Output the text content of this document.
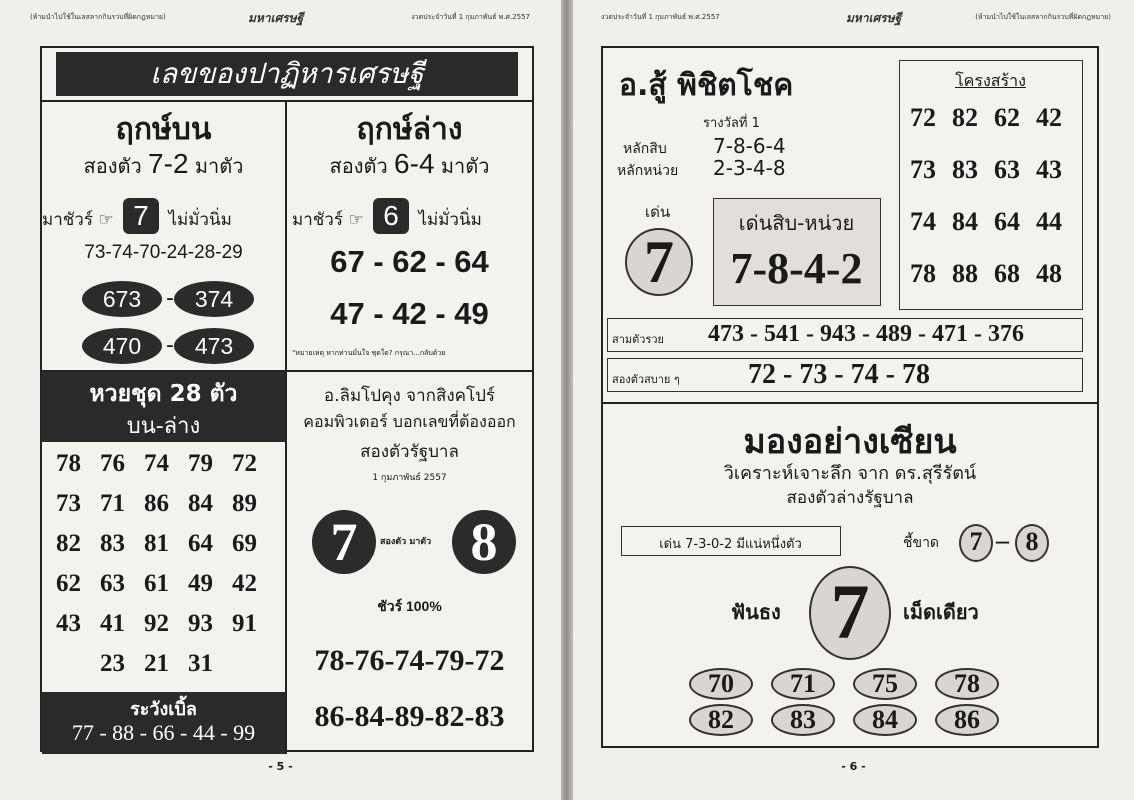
(ห้ามนำไปใช้ในเลสลากกินรวบที่ผิดกฎหมาย)	มหาเศรษฐี	งวดประจำวันที่ 1 กุมภาพันธ์ พ.ศ.2557
เลขของปาฏิหารเศรษฐี
ฤกษ์บน
สองตัว 7-2 มาตัว
มาชัวร์ ☞ 7 ไม่มั่วนิ่ม
73-74-70-24-28-29
673	- 374
470	- 473
ฤกษ์ล่าง
สองตัว 6-4 มาตัว
มาชัวร์ ☞ 6 ไม่มั่วนิ่ม
67 - 62 - 64
47 - 42 - 49
"หมายเหตุ หากท่านมั่นใจ ชุดใด? กรุณา...กลับด้วย
หวยชุด 28 ตัว
บน-ล่าง
78 76 74 79 72
73 71 86 84 89
82 83 81 64 69
62 63 61 49 42
43 41 92 93 91
23 21 31
ระวังเบิ้ล
77 - 88 - 66 - 44 - 99
อ.ลิมโปคุง จากสิงคโปร์
คอมพิวเตอร์ บอกเลขที่ต้องออก
สองตัวรัฐบาล
1 กุมภาพันธ์ 2557
7	สองตัว มาตัว 8
ชัวร์ 100%
78-76-74-79-72
86-84-89-82-83
- 5 -
งวดประจำวันที่ 1 กุมภาพันธ์ พ.ศ.2557	มหาเศรษฐี	(ห้ามนำไปใช้ในเลสลากกินรวบที่ผิดกฎหมาย)
อ.สู้ พิชิตโชค
รางวัลที่ 1
หลักสิบ 7-8-6-4
หลักหน่วย 2-3-4-8
เด่น
7
เด่นสิบ-หน่วย
7-8-4-2
โครงสร้าง
72 82 62 42
73 83 63 43
74 84 64 44
78 88 68 48
สามตัวรวย 473 - 541 - 943 - 489 - 471 - 376
สองตัวสบาย ๆ 72 - 73 - 74 - 78
มองอย่างเซียน
วิเคราะห์เจาะลึก จาก ดร.สุรีรัตน์
สองตัวล่างรัฐบาล
เด่น 7-3-0-2 มีแน่หนึ่งตัว	ชี้ขาด	7 – 8
ฟันธง 7	เม็ดเดียว
70	71	75	78
82	83	84	86
- 6 -
